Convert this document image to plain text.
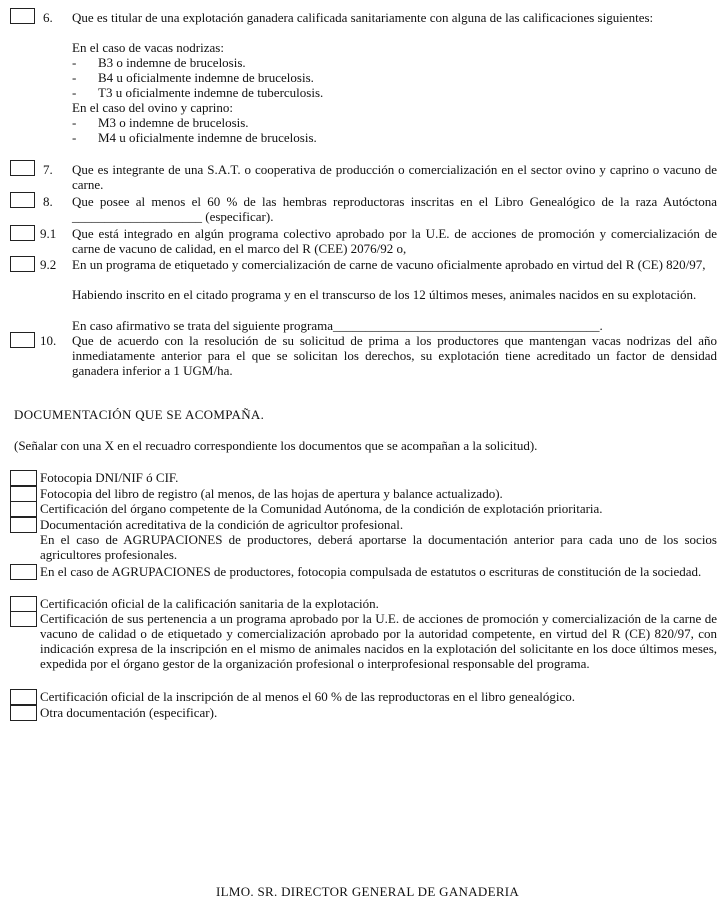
6. Que es titular de una explotación ganadera calificada sanitariamente con alguna de las calificaciones siguientes:
En el caso de vacas nodrizas:
- B3 o indemne de brucelosis.
- B4 u oficialmente indemne de brucelosis.
- T3 u oficialmente indemne de tuberculosis.
En el caso del ovino y caprino:
- M3 o indemne de brucelosis.
- M4 u oficialmente indemne de brucelosis.
7. Que es integrante de una S.A.T. o cooperativa de producción o comercialización en el sector ovino y caprino o vacuno de carne.
8. Que posee al menos el 60 % de las hembras reproductoras inscritas en el Libro Genealógico de la raza Autóctona ____________________ (especificar).
9.1 Que está integrado en algún programa colectivo aprobado por la U.E. de acciones de promoción y comercialización de carne de vacuno de calidad, en el marco del R (CEE) 2076/92 o,
9.2 En un programa de etiquetado y comercialización de carne de vacuno oficialmente aprobado en virtud del R (CE) 820/97,
Habiendo inscrito en el citado programa y en el transcurso de los 12 últimos meses, animales nacidos en su explotación.
En caso afirmativo se trata del siguiente programa_________________________________________.
10. Que de acuerdo con la resolución de su solicitud de prima a los productores que mantengan vacas nodrizas del año inmediatamente anterior para el que se solicitan los derechos, su explotación tiene acreditado un factor de densidad ganadera inferior a 1 UGM/ha.
DOCUMENTACIÓN QUE SE ACOMPAÑA.
(Señalar con una X en el recuadro correspondiente los documentos que se acompañan a la solicitud).
Fotocopia DNI/NIF ó CIF.
Fotocopia del libro de registro (al menos, de las hojas de apertura y balance actualizado).
Certificación del órgano competente de la Comunidad Autónoma, de la condición de explotación prioritaria.
Documentación acreditativa de la condición de agricultor profesional.
En el caso de AGRUPACIONES de productores, deberá aportarse la documentación anterior para cada uno de los socios agricultores profesionales.
En el caso de AGRUPACIONES de productores, fotocopia compulsada de estatutos o escrituras de constitución de la sociedad.
Certificación oficial de la calificación sanitaria de la explotación.
Certificación de sus pertenencia a un programa aprobado por la U.E. de acciones de promoción y comercialización de la carne de vacuno de calidad o de etiquetado y comercialización aprobado por la autoridad competente, en virtud del R (CE) 820/97, con indicación expresa de la inscripción en el mismo de animales nacidos en la explotación del solicitante en los doce últimos meses, expedida por el órgano gestor de la organización profesional o interprofesional responsable del programa.
Certificación oficial de la inscripción de al menos el 60 % de las reproductoras en el libro genealógico.
Otra documentación (especificar).
ILMO. SR. DIRECTOR GENERAL DE GANADERIA
